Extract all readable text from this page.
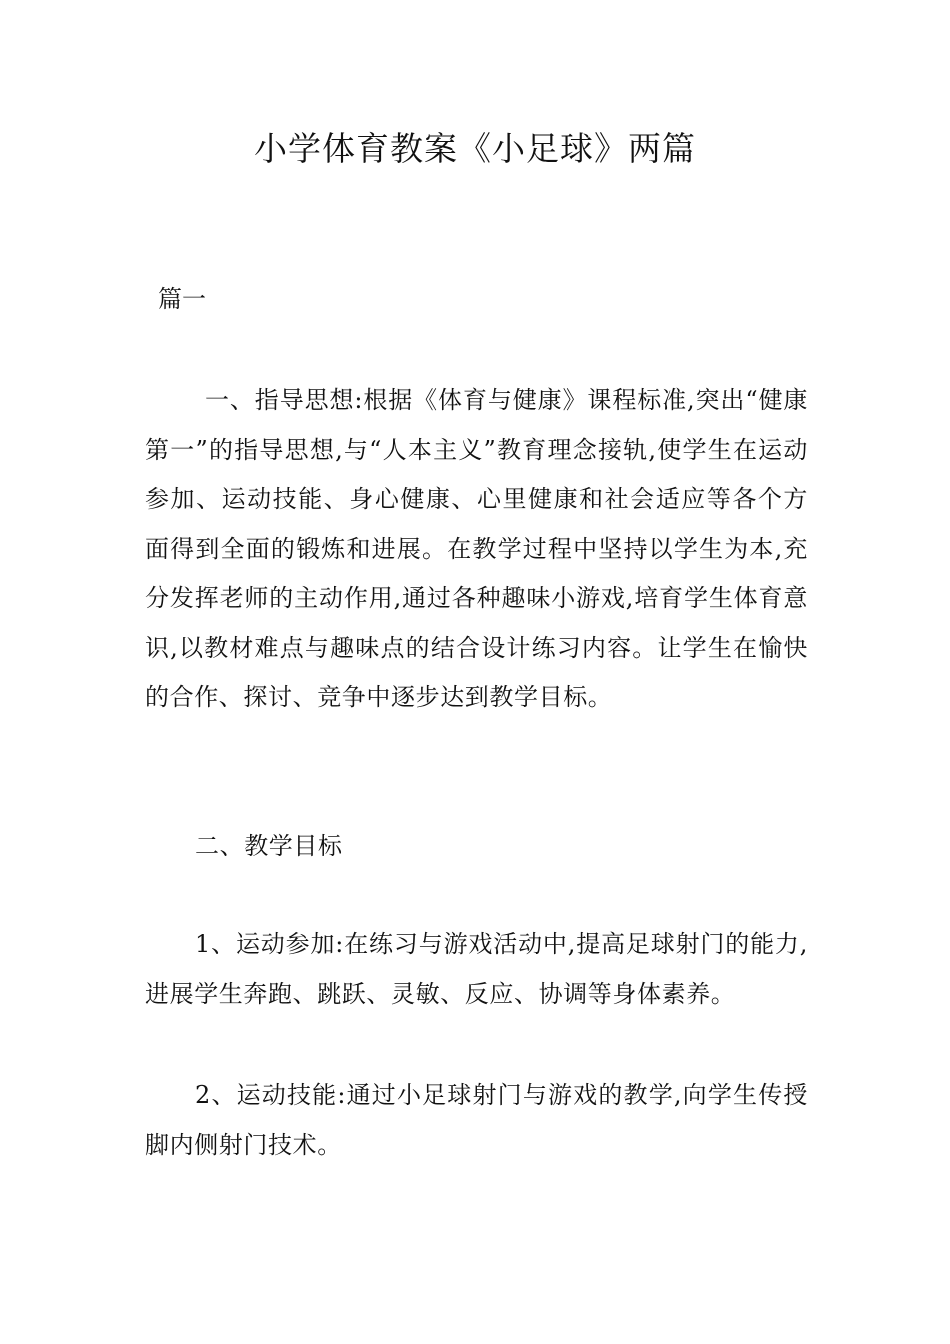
小学体育教案《小足球》两篇

篇一

一、指导思想:根据《体育与健康》课程标准,突出“健康第一”的指导思想,与“人本主义”教育理念接轨,使学生在运动参加、运动技能、身心健康、心里健康和社会适应等各个方面得到全面的锻炼和进展。在教学过程中坚持以学生为本,充分发挥老师的主动作用,通过各种趣味小游戏,培育学生体育意识,以教材难点与趣味点的结合设计练习内容。让学生在愉快的合作、探讨、竞争中逐步达到教学目标。

二、教学目标

1、运动参加:在练习与游戏活动中,提高足球射门的能力,进展学生奔跑、跳跃、灵敏、反应、协调等身体素养。

2、运动技能:通过小足球射门与游戏的教学,向学生传授脚内侧射门技术。
